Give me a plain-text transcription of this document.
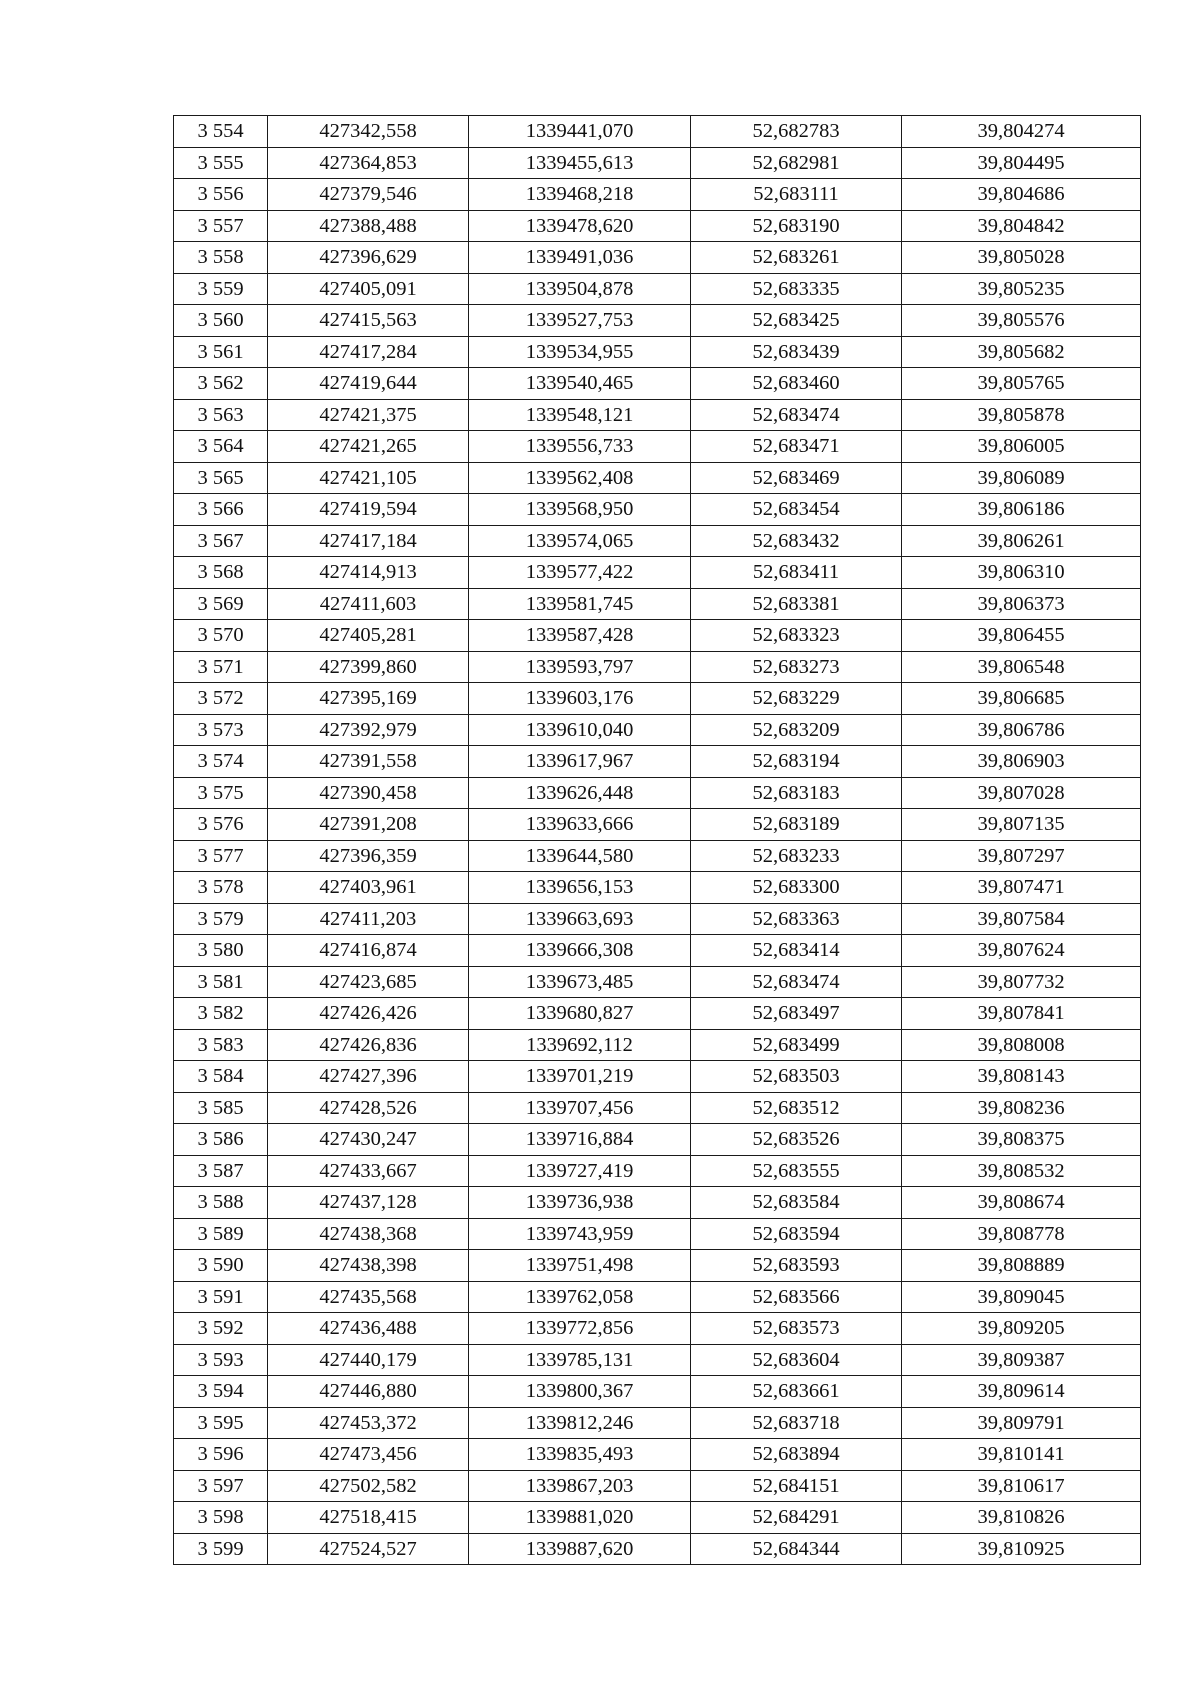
3 554	427342,558	1339441,070	52,682783	39,804274
3 555	427364,853	1339455,613	52,682981	39,804495
3 556	427379,546	1339468,218	52,683111	39,804686
3 557	427388,488	1339478,620	52,683190	39,804842
3 558	427396,629	1339491,036	52,683261	39,805028
3 559	427405,091	1339504,878	52,683335	39,805235
3 560	427415,563	1339527,753	52,683425	39,805576
3 561	427417,284	1339534,955	52,683439	39,805682
3 562	427419,644	1339540,465	52,683460	39,805765
3 563	427421,375	1339548,121	52,683474	39,805878
3 564	427421,265	1339556,733	52,683471	39,806005
3 565	427421,105	1339562,408	52,683469	39,806089
3 566	427419,594	1339568,950	52,683454	39,806186
3 567	427417,184	1339574,065	52,683432	39,806261
3 568	427414,913	1339577,422	52,683411	39,806310
3 569	427411,603	1339581,745	52,683381	39,806373
3 570	427405,281	1339587,428	52,683323	39,806455
3 571	427399,860	1339593,797	52,683273	39,806548
3 572	427395,169	1339603,176	52,683229	39,806685
3 573	427392,979	1339610,040	52,683209	39,806786
3 574	427391,558	1339617,967	52,683194	39,806903
3 575	427390,458	1339626,448	52,683183	39,807028
3 576	427391,208	1339633,666	52,683189	39,807135
3 577	427396,359	1339644,580	52,683233	39,807297
3 578	427403,961	1339656,153	52,683300	39,807471
3 579	427411,203	1339663,693	52,683363	39,807584
3 580	427416,874	1339666,308	52,683414	39,807624
3 581	427423,685	1339673,485	52,683474	39,807732
3 582	427426,426	1339680,827	52,683497	39,807841
3 583	427426,836	1339692,112	52,683499	39,808008
3 584	427427,396	1339701,219	52,683503	39,808143
3 585	427428,526	1339707,456	52,683512	39,808236
3 586	427430,247	1339716,884	52,683526	39,808375
3 587	427433,667	1339727,419	52,683555	39,808532
3 588	427437,128	1339736,938	52,683584	39,808674
3 589	427438,368	1339743,959	52,683594	39,808778
3 590	427438,398	1339751,498	52,683593	39,808889
3 591	427435,568	1339762,058	52,683566	39,809045
3 592	427436,488	1339772,856	52,683573	39,809205
3 593	427440,179	1339785,131	52,683604	39,809387
3 594	427446,880	1339800,367	52,683661	39,809614
3 595	427453,372	1339812,246	52,683718	39,809791
3 596	427473,456	1339835,493	52,683894	39,810141
3 597	427502,582	1339867,203	52,684151	39,810617
3 598	427518,415	1339881,020	52,684291	39,810826
3 599	427524,527	1339887,620	52,684344	39,810925
